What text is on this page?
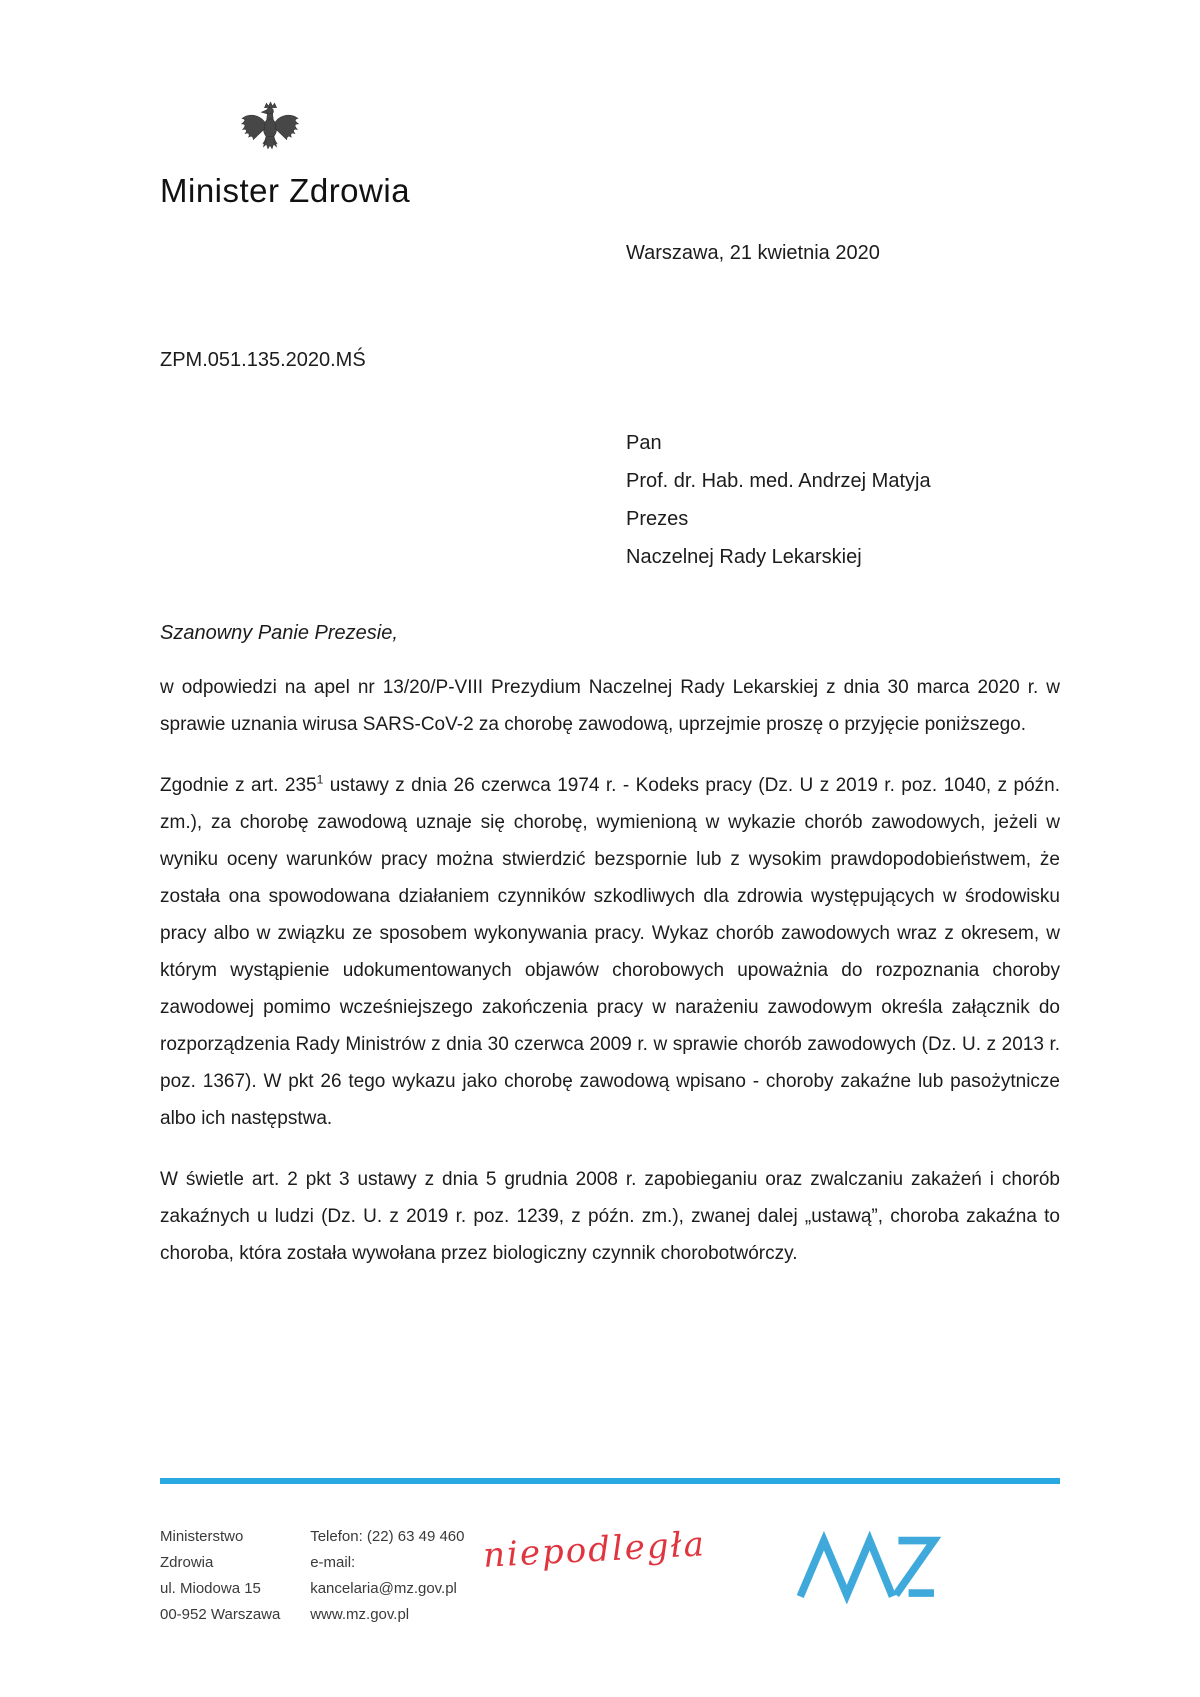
Minister Zdrowia
Warszawa, 21 kwietnia 2020
ZPM.051.135.2020.MŚ
Pan
Prof. dr. Hab. med. Andrzej Matyja
Prezes
Naczelnej Rady Lekarskiej
Szanowny Panie Prezesie,

w odpowiedzi na apel nr 13/20/P-VIII Prezydium Naczelnej Rady Lekarskiej z dnia 30 marca 2020 r. w sprawie uznania wirusa SARS-CoV-2 za chorobę zawodową, uprzejmie proszę o przyjęcie poniższego.

Zgodnie z art. $235^1$ ustawy z dnia 26 czerwca 1974 r. - Kodeks pracy (Dz. U z 2019 r. poz. 1040, z późn. zm.), za chorobę zawodową uznaje się chorobę, wymienioną w wykazie chorób zawodowych, jeżeli w wyniku oceny warunków pracy można stwierdzić bezspornie lub z wysokim prawdopodobieństwem, że została ona spowodowana działaniem czynników szkodliwych dla zdrowia występujących w środowisku pracy albo w związku ze sposobem wykonywania pracy. Wykaz chorób zawodowych wraz z okresem, w którym wystąpienie udokumentowanych objawów chorobowych upoważnia do rozpoznania choroby zawodowej pomimo wcześniejszego zakończenia pracy w narażeniu zawodowym określa załącznik do rozporządzenia Rady Ministrów z dnia 30 czerwca 2009 r. w sprawie chorób zawodowych (Dz. U. z 2013 r. poz. 1367). W pkt 26 tego wykazu jako chorobę zawodową wpisano - choroby zakaźne lub pasożytnicze albo ich następstwa.

W świetle art. 2 pkt 3 ustawy z dnia 5 grudnia 2008 r. zapobieganiu oraz zwalczaniu zakażeń i chorób zakaźnych u ludzi (Dz. U. z 2019 r. poz. 1239, z późn. zm.), zwanej dalej „ustawą”, choroba zakaźna to choroba, która została wywołana przez biologiczny czynnik chorobotwórczy.

Ministerstwo Zdrowia
ul. Miodowa 15
00-952 Warszawa
Telefon: (22) 63 49 460
e-mail: kancelaria@mz.gov.pl
www.mz.gov.pl
niepodległa
